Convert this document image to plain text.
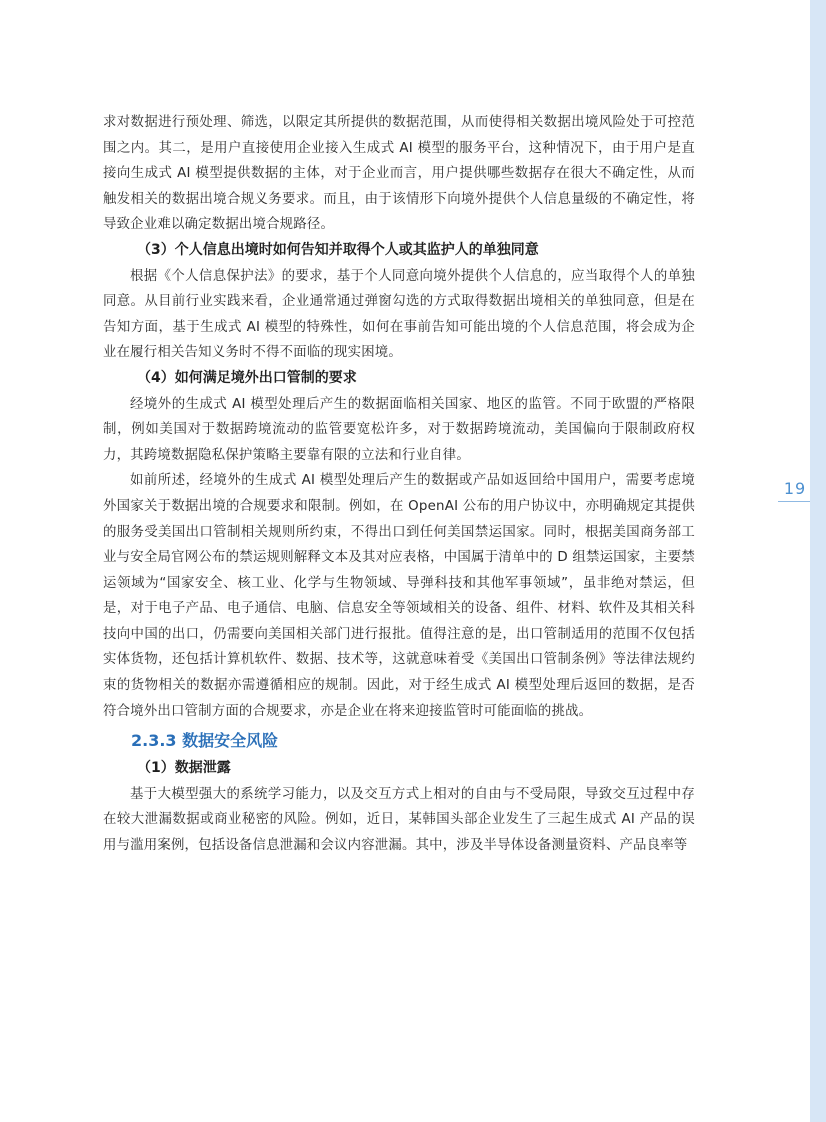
19

求对数据进行预处理、筛选，以限定其所提供的数据范围，从而使得相关数据出境风险处于可控范围之内。其二，是用户直接使用企业接入生成式 AI 模型的服务平台，这种情况下，由于用户是直接向生成式 AI 模型提供数据的主体，对于企业而言，用户提供哪些数据存在很大不确定性，从而触发相关的数据出境合规义务要求。而且，由于该情形下向境外提供个人信息量级的不确定性，将导致企业难以确定数据出境合规路径。

（3）个人信息出境时如何告知并取得个人或其监护人的单独同意

根据《个人信息保护法》的要求，基于个人同意向境外提供个人信息的，应当取得个人的单独同意。从目前行业实践来看，企业通常通过弹窗勾选的方式取得数据出境相关的单独同意，但是在告知方面，基于生成式 AI 模型的特殊性，如何在事前告知可能出境的个人信息范围，将会成为企业在履行相关告知义务时不得不面临的现实困境。

（4）如何满足境外出口管制的要求

经境外的生成式 AI 模型处理后产生的数据面临相关国家、地区的监管。不同于欧盟的严格限制，例如美国对于数据跨境流动的监管要宽松许多，对于数据跨境流动，美国偏向于限制政府权力，其跨境数据隐私保护策略主要靠有限的立法和行业自律。

如前所述，经境外的生成式 AI 模型处理后产生的数据或产品如返回给中国用户，需要考虑境外国家关于数据出境的合规要求和限制。例如，在 OpenAI 公布的用户协议中，亦明确规定其提供的服务受美国出口管制相关规则所约束，不得出口到任何美国禁运国家。同时，根据美国商务部工业与安全局官网公布的禁运规则解释文本及其对应表格，中国属于清单中的 D 组禁运国家，主要禁运领域为“国家安全、核工业、化学与生物领域、导弹科技和其他军事领域”，虽非绝对禁运，但是，对于电子产品、电子通信、电脑、信息安全等领域相关的设备、组件、材料、软件及其相关科技向中国的出口，仍需要向美国相关部门进行报批。值得注意的是，出口管制适用的范围不仅包括实体货物，还包括计算机软件、数据、技术等，这就意味着受《美国出口管制条例》等法律法规约束的货物相关的数据亦需遵循相应的规制。因此，对于经生成式 AI 模型处理后返回的数据，是否符合境外出口管制方面的合规要求，亦是企业在将来迎接监管时可能面临的挑战。

2.3.3 数据安全风险

（1）数据泄露

基于大模型强大的系统学习能力，以及交互方式上相对的自由与不受局限，导致交互过程中存在较大泄漏数据或商业秘密的风险。例如，近日，某韩国头部企业发生了三起生成式 AI 产品的误用与滥用案例，包括设备信息泄漏和会议内容泄漏。其中，涉及半导体设备测量资料、产品良率等
